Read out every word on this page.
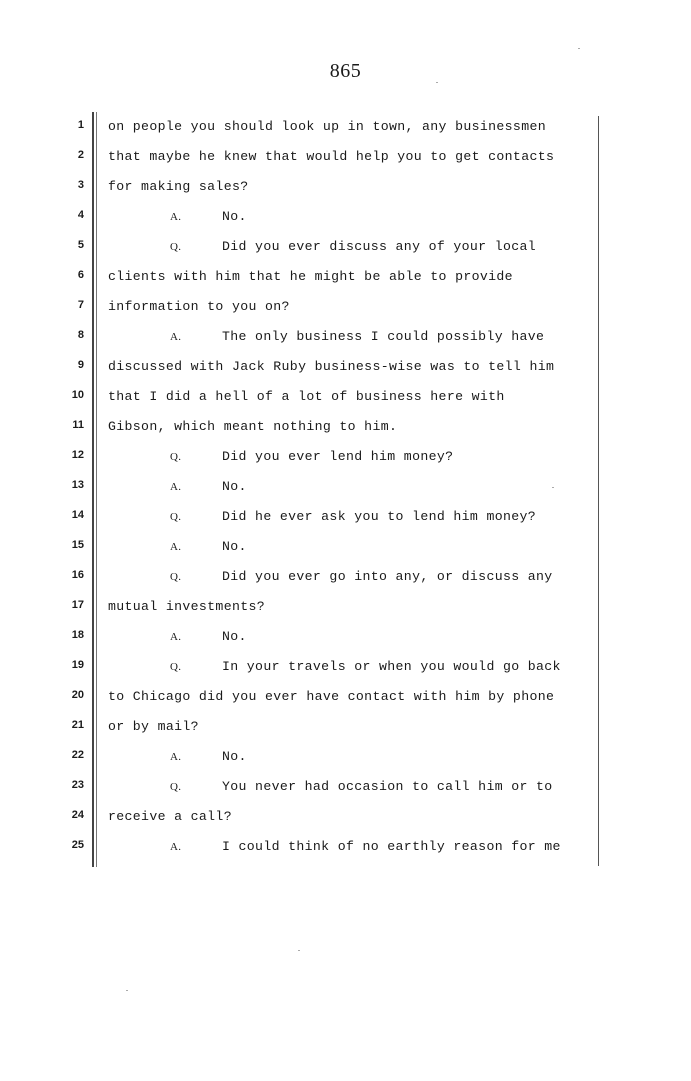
865
1 on people you should look up in town, any businessmen
2 that maybe he knew that would help you to get contacts
3 for making sales?
4	A.	No.
5	Q.	Did you ever discuss any of your local
6 clients with him that he might be able to provide
7 information to you on?
8	A.	The only business I could possibly have
9 discussed with Jack Ruby business-wise was to tell him
10 that I did a hell of a lot of business here with
11 Gibson, which meant nothing to him.
12	Q.	Did you ever lend him money?
13	A.	No.
14	Q.	Did he ever ask you to lend him money?
15	A.	No.
16	Q.	Did you ever go into any, or discuss any
17 mutual investments?
18	A.	No.
19	Q.	In your travels or when you would go back
20 to Chicago did you ever have contact with him by phone
21 or by mail?
22	A.	No.
23	Q.	You never had occasion to call him or to
24 receive a call?
25	A.	I could think of no earthly reason for me
